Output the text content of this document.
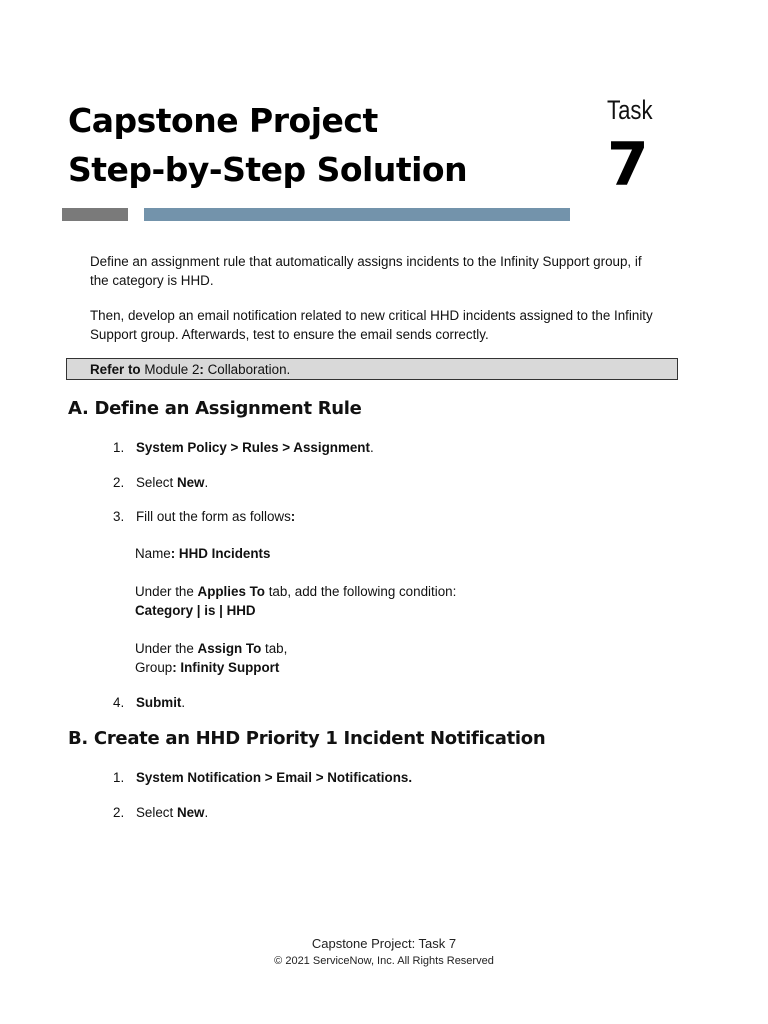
Capstone Project
Step-by-Step Solution
Task
7

Define an assignment rule that automatically assigns incidents to the Infinity Support group, if
the category is HHD.

Then, develop an email notification related to new critical HHD incidents assigned to the Infinity
Support group. Afterwards, test to ensure the email sends correctly.

Refer to Module 2: Collaboration.
A. Define an Assignment Rule
1. System Policy > Rules > Assignment.
2. Select New.
3. Fill out the form as follows:
Name: HHD Incidents
Under the Applies To tab, add the following condition:
Category | is | HHD
Under the Assign To tab,
Group: Infinity Support
4. Submit.
B. Create an HHD Priority 1 Incident Notification
1. System Notification > Email > Notifications.
2. Select New.
Capstone Project: Task 7
© 2021 ServiceNow, Inc. All Rights Reserved
